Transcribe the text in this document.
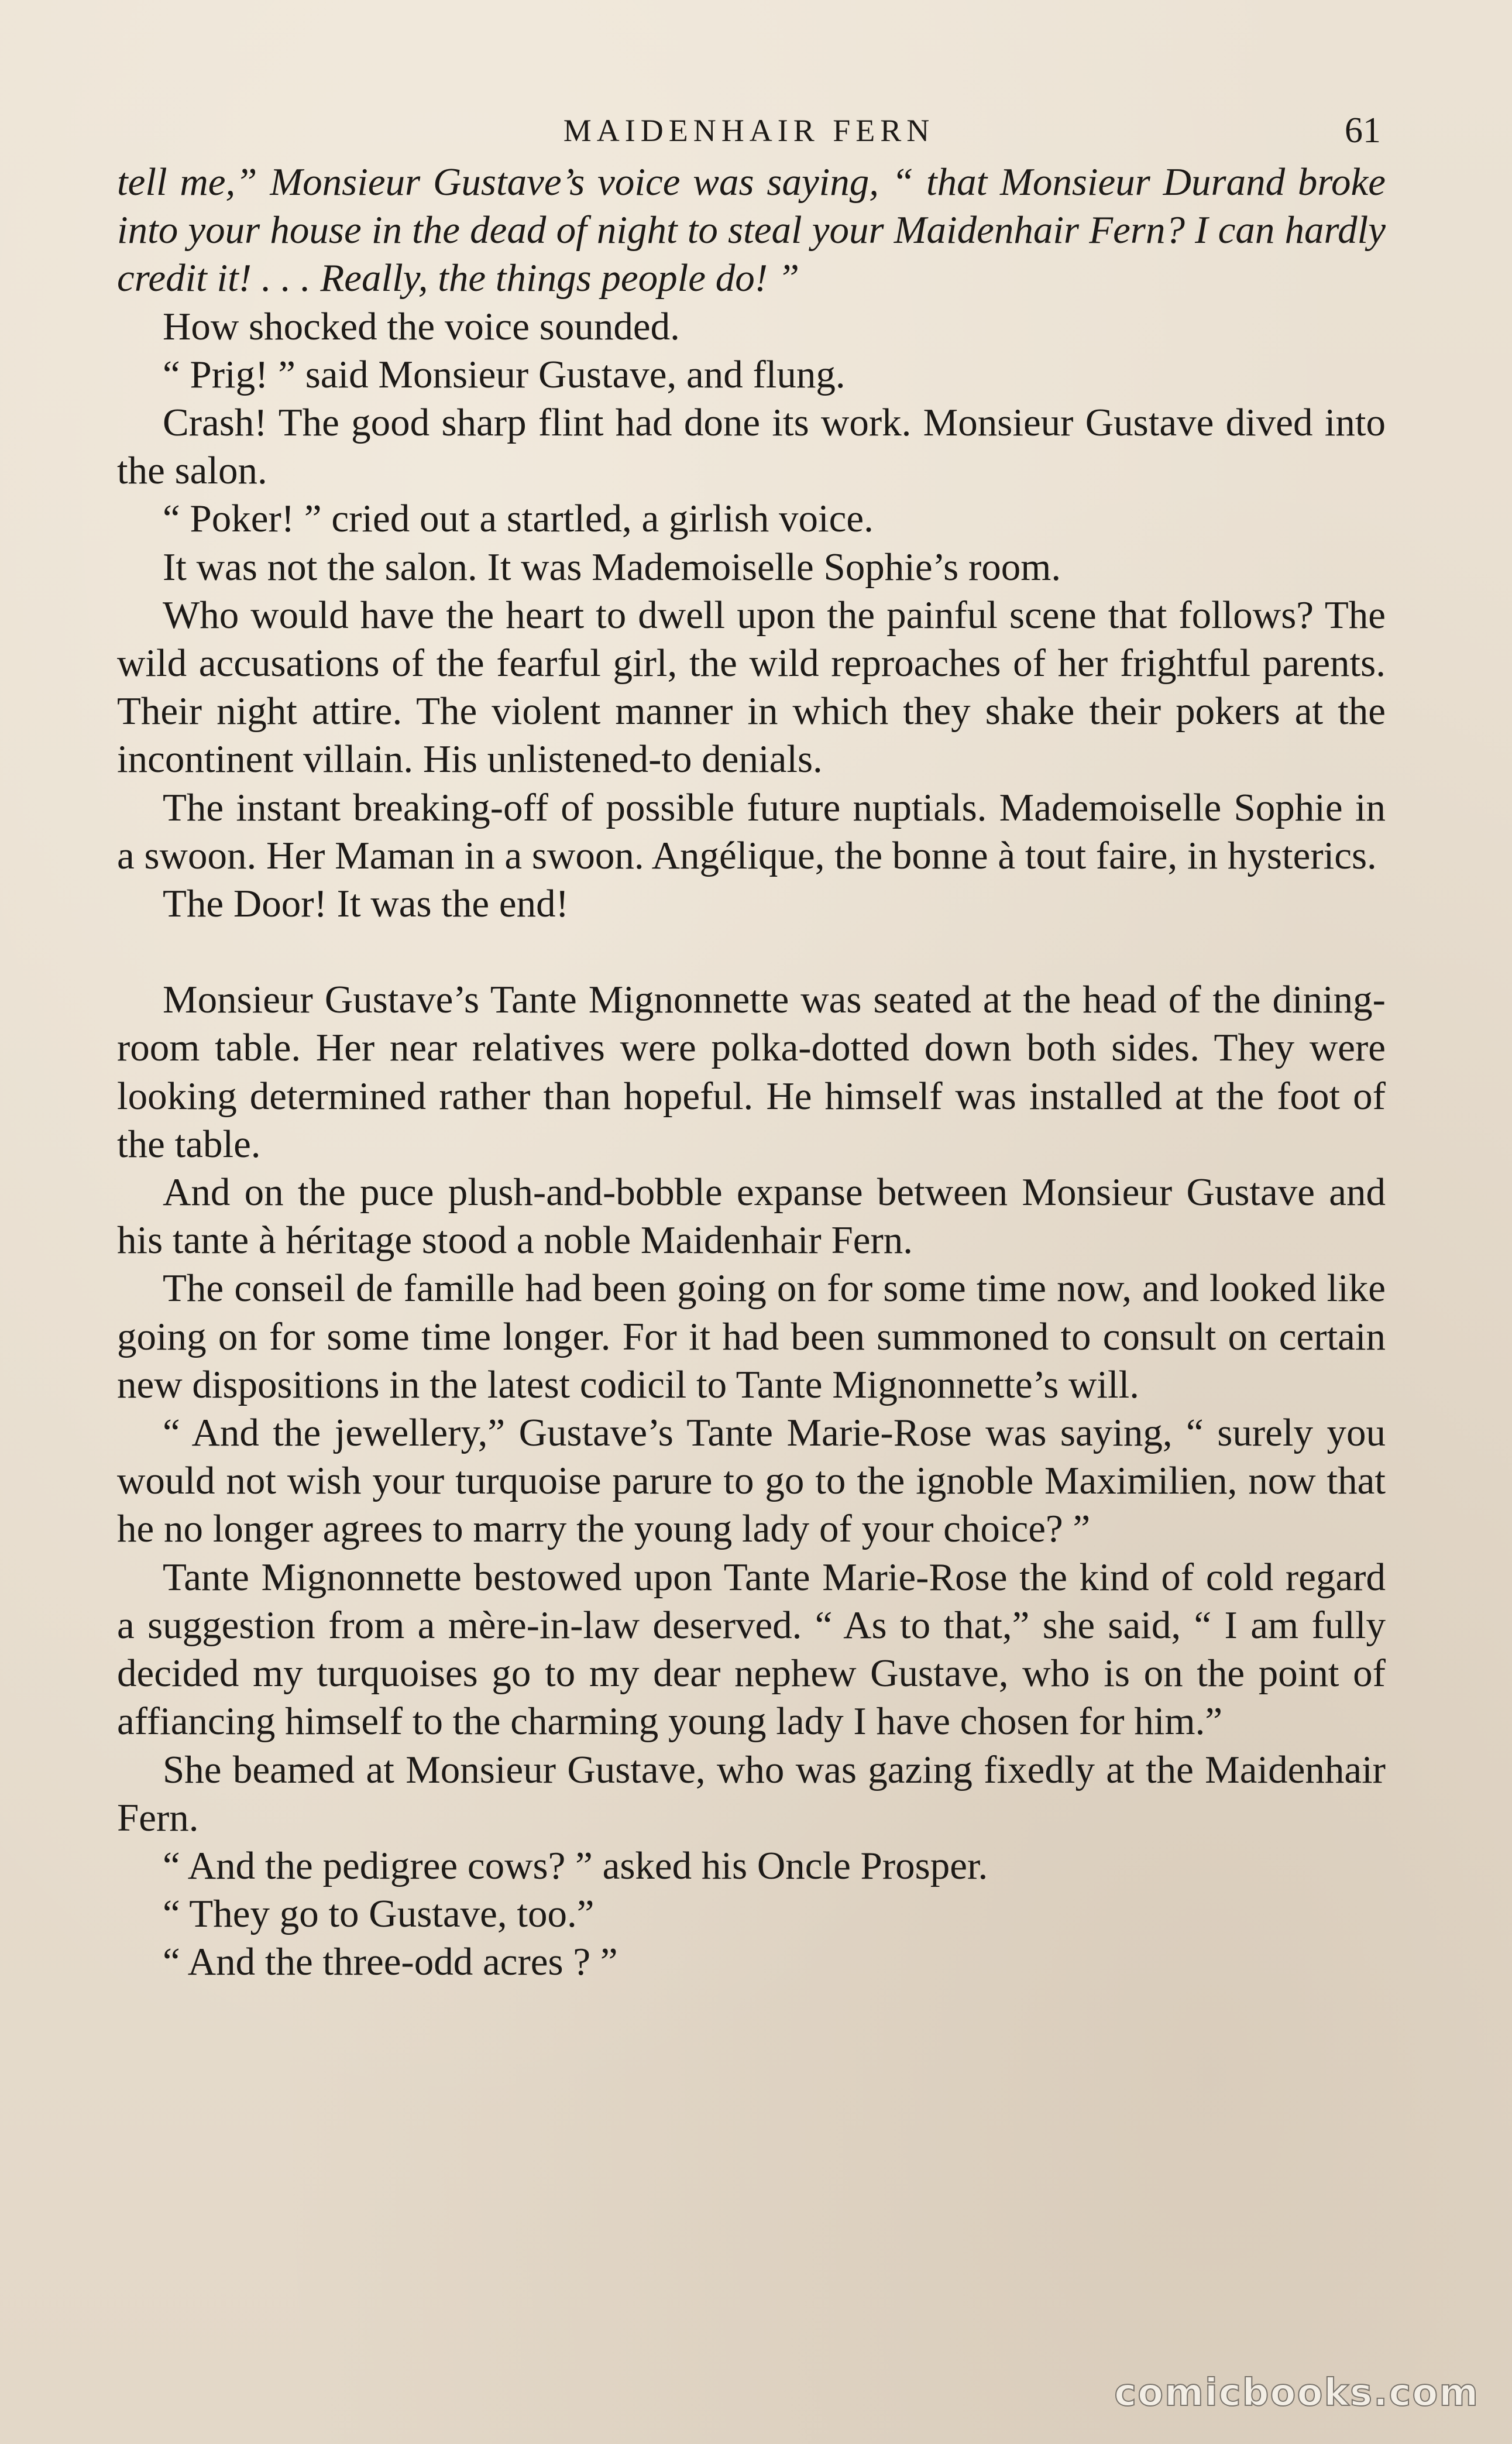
MAIDENHAIR FERN	61

tell me,” Monsieur Gustave’s voice was saying, “ that Monsieur Durand broke into your house in the dead of night to steal your Maidenhair Fern? I can hardly credit it! . . . Really, the things people do! ”

How shocked the voice sounded.

“ Prig! ” said Monsieur Gustave, and flung.

Crash! The good sharp flint had done its work. Monsieur Gustave dived into the salon.

“ Poker! ” cried out a startled, a girlish voice.

It was not the salon. It was Mademoiselle Sophie’s room.

Who would have the heart to dwell upon the painful scene that follows? The wild accusations of the fearful girl, the wild reproaches of her frightful parents. Their night attire. The violent manner in which they shake their pokers at the incontinent villain. His unlistened-to denials.

The instant breaking-off of possible future nuptials. Mademoiselle Sophie in a swoon. Her Maman in a swoon. Angélique, the bonne à tout faire, in hysterics.

The Door! It was the end!

Monsieur Gustave’s Tante Mignonnette was seated at the head of the dining-room table. Her near relatives were polka-dotted down both sides. They were looking determined rather than hopeful. He himself was installed at the foot of the table.

And on the puce plush-and-bobble expanse between Monsieur Gustave and his tante à héritage stood a noble Maidenhair Fern.

The conseil de famille had been going on for some time now, and looked like going on for some time longer. For it had been summoned to consult on certain new dispositions in the latest codicil to Tante Mignonnette’s will.

“ And the jewellery,” Gustave’s Tante Marie-Rose was saying, “ surely you would not wish your turquoise parure to go to the ignoble Maximilien, now that he no longer agrees to marry the young lady of your choice? ”

Tante Mignonnette bestowed upon Tante Marie-Rose the kind of cold regard a suggestion from a mère-in-law deserved. “ As to that,” she said, “ I am fully decided my turquoises go to my dear nephew Gustave, who is on the point of affiancing himself to the charming young lady I have chosen for him.”

She beamed at Monsieur Gustave, who was gazing fixedly at the Maidenhair Fern.

“ And the pedigree cows? ” asked his Oncle Prosper.

“ They go to Gustave, too.”

“ And the three-odd acres ? ”

comicbooks.com
